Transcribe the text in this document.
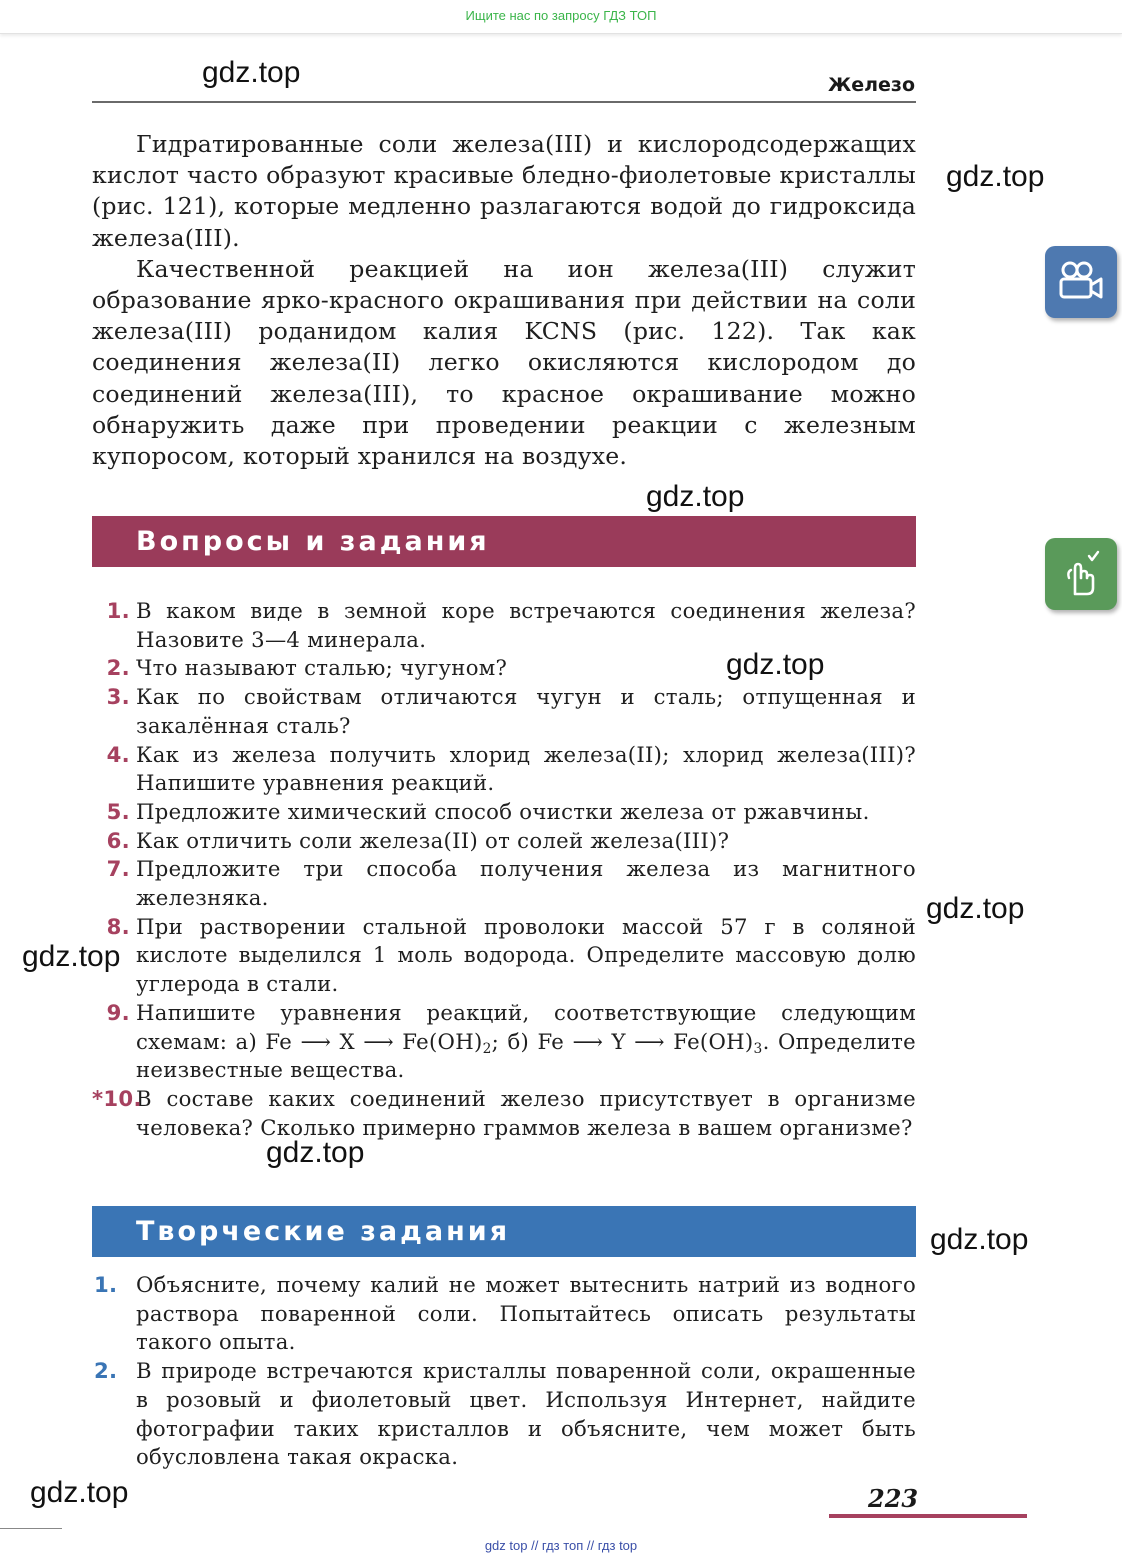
Ищите нас по запросу ГДЗ ТОП
gdz.top	Железо

Гидратированные соли железа(III) и кислородсодержащих кислот часто образуют красивые бледно-фиолетовые кристаллы (рис. 121), которые медленно разлагаются водой до гидроксида железа(III).

Качественной реакцией на ион железа(III) служит образование ярко-красного окрашивания при действии на соли железа(III) роданидом калия KCNS (рис. 122). Так как соединения железа(II) легко окисляются кислородом до соединений железа(III), то красное окрашивание можно обнаружить даже при проведении реакции с железным купоросом, который хранился на воздухе.

gdz.top
gdz.top
Вопросы и задания
1. В каком виде в земной коре встречаются соединения железа? Назовите 3—4 минерала.
2. Что называют сталью; чугуном?
3. Как по свойствам отличаются чугун и сталь; отпущенная и закалённая сталь?
4. Как из железа получить хлорид железа(II); хлорид железа(III)? Напишите уравнения реакций.
5. Предложите химический способ очистки железа от ржавчины.
6. Как отличить соли железа(II) от солей железа(III)?
7. Предложите три способа получения железа из магнитного железняка.
8. При растворении стальной проволоки массой 57 г в соляной кислоте выделился 1 моль водорода. Определите массовую долю углерода в стали.
9. Напишите уравнения реакций, соответствующие следующим схемам: а) Fe ⟶ X ⟶ $Fe(OH)_2$; б) Fe ⟶ Y ⟶ $Fe(OH)_3$. Определите неизвестные вещества.
*10.
В составе каких соединений железо присутствует в организме человека? Сколько примерно граммов железа в вашем организме?
gdz.top
gdz.top
gdz.top
gdz.top
Творческие задания	gdz.top
1. Объясните, почему калий не может вытеснить натрий из водного раствора поваренной соли. Попытайтесь описать результаты такого опыта.
2. В природе встречаются кристаллы поваренной соли, окрашенные в розовый и фиолетовый цвет. Используя Интернет, найдите фотографии таких кристаллов и объясните, чем может быть обусловлена такая окраска.
gdz.top	223
gdz top // гдз топ // гдз top
